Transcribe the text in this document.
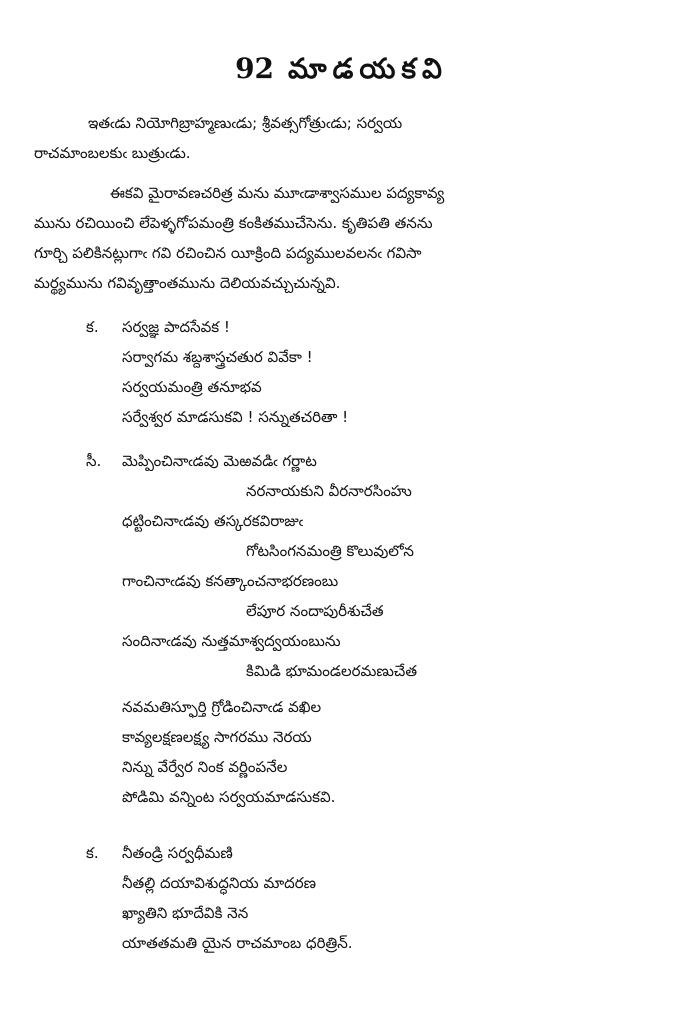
92 మాడయకవి
ఇతఁడు నియోగిబ్రాహ్మణుఁడు; శ్రీవత్సగోత్రుఁడు; సర్వయ
రాచమాంబలకుఁ బుత్రుఁడు.
ఈకవి మైరావణచరిత్ర మను మూఁడాశ్వాసముల పద్యకావ్య
మును రచియించి లేపెళ్ళగోపమంత్రి కంకితముచేసెను. కృతిపతి తనను
గూర్చి పలికినట్లుగాఁ గవి రచించిన యీక్రింది పద్యములవలనఁ గవిసా
మర్థ్యమును గవివృత్తాంతమును దెలియవచ్చుచున్నవి.
క. సర్వజ్ఞ పాదసేవక !
సర్వాగమ శబ్దశాస్త్రచతుర వివేకా !
సర్వయమంత్రి తనూభవ
సర్వేశ్వర మాడసుకవి ! సన్నుతచరితా !
సీ. మెప్పించినాఁడవు మెఱవడిఁ గర్ణాట
నరనాయకుని వీరనారసింహు
ధట్టించినాఁడవు తస్కరకవిరాజుఁ
గోటసింగనమంత్రి కొలువులోన
గాంచినాఁడవు కనత్కాంచనాభరణంబు
లేపూర నందాపురీశుచేత
సందినాఁడవు నుత్తమాశ్వద్వయంబును
కిమిడి భూమండలరమణుచేత
నవమతిస్ఫూర్తి గ్రోడించినాఁడ వఖిల
కావ్యలక్షణలక్ష్య సాగరము నెరయ
నిన్ను వేర్వేర నింక వర్ణింపనేల
పోడిమి వన్నింట సర్వయమాడసుకవి.
క. నీతండ్రి సర్వధీమణి
నీతల్లి దయావిశుద్ధనియ మాదరణ
ఖ్యాతిని భూదేవికి నెన
యాతతమతి యైన రాచమాంబ ధరిత్రిన్.
